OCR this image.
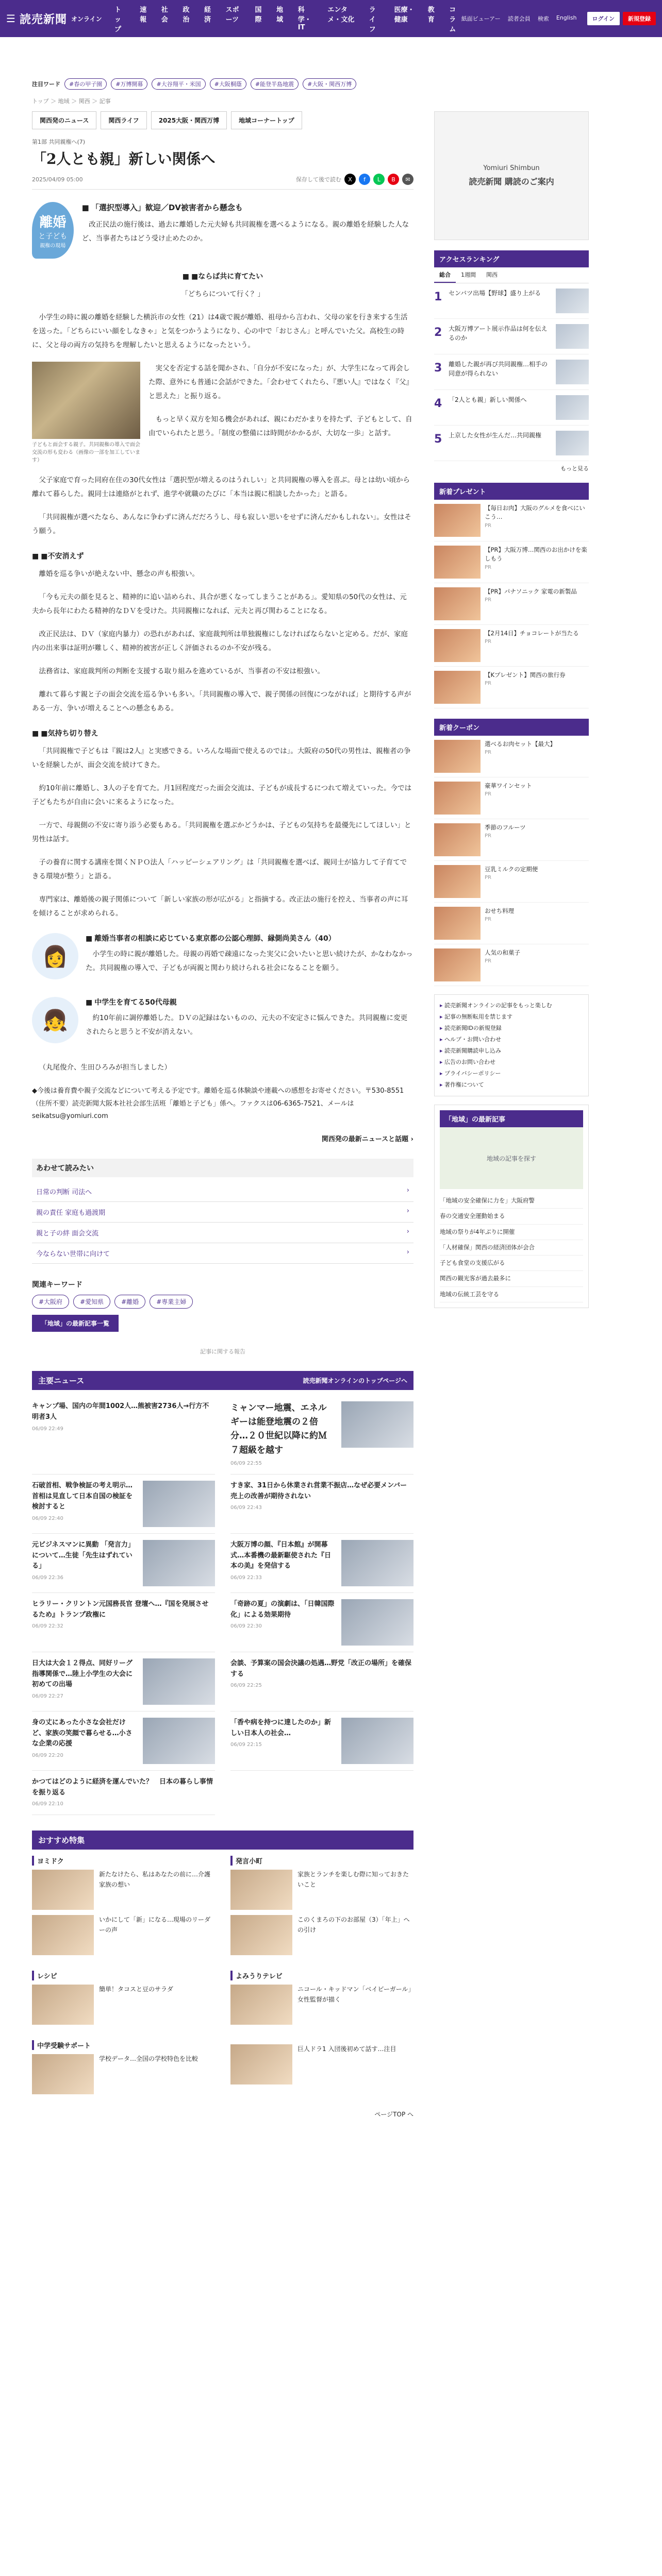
☰ 読売新聞 オンライン
トップ
速報
社会
政治
経済
スポーツ
国際
地域
科学・IT
エンタメ・文化
ライフ
医療・健康
教育
コラム
紙面ビューアー 読者会員 検索 English	ログイン	新規登録
注目ワード	#春の甲子園	#万博開幕	#大谷翔平・米国	#大阪桐蔭	#能登半島地震	#大阪・関西万博
トップ ＞ 地域 ＞ 関西 ＞ 記事
関西発のニュース	関西ライフ	2025大阪・関西万博	地域コーナートップ
第1部 共同親権へ(7)
「2人とも親」新しい関係へ
2025/04/09 05:00	保存して後で読む	X	f	L	B	✉
離婚
と子ども
親権の現場
■ 「選択型導入」歓迎／DV被害者から懸念も

改正民法の施行後は、過去に離婚した元夫婦も共同親権を選べるようになる。親の離婚を経験した人など、当事者たちはどう受け止めたのか。

■ ■ならば共に育てたい

「どちらについて行く？」

小学生の時に親の離婚を経験した横浜市の女性（21）は4歳で親が離婚、祖母から言われ、父母の家を行き来する生活を送った。「どちらにいい顔をしなきゃ」と気をつかうようになり、心の中で「おじさん」と呼んでいた父。高校生の時に、父と母の両方の気持ちを理解したいと思えるようになったという。

子どもと面会する親子。共同親権の導入で面会交流の形も変わる（画像の一部を加工しています）

実父を否定する話を聞かされ、「自分が不安になった」が、大学生になって再会した際、意外にも普通に会話ができた。「会わせてくれたら、『悪い人』ではなく『父』と思えた」と振り返る。

もっと早く双方を知る機会があれば、親にわだかまりを持たず、子どもとして、自由でいられたと思う。「制度の整備には時間がかかるが、大切な一歩」と話す。

父子家庭で育った同府在住の30代女性は「選択型が増えるのはうれしい」と共同親権の導入を喜ぶ。母とは幼い頃から離れて暮らした。親同士は連絡がとれず、進学や就職のたびに「本当は親に相談したかった」と語る。

「共同親権が選べたなら、あんなに争わずに済んだだろうし、母も寂しい思いをせずに済んだかもしれない」。女性はそう願う。

■ ■不安消えず

離婚を巡る争いが絶えない中、懸念の声も根強い。

「今も元夫の顔を見ると、精神的に追い詰められ、具合が悪くなってしまうことがある」。愛知県の50代の女性は、元夫から長年にわたる精神的なＤＶを受けた。共同親権になれば、元夫と再び関わることになる。

改正民法は、ＤＶ（家庭内暴力）の恐れがあれば、家庭裁判所は単独親権にしなければならないと定める。だが、家庭内の出来事は証明が難しく、精神的被害が正しく評価されるのか不安が残る。

法務省は、家庭裁判所の判断を支援する取り組みを進めているが、当事者の不安は根強い。

離れて暮らす親と子の面会交流を巡る争いも多い。「共同親権の導入で、親子関係の回復につながれば」と期待する声がある一方、争いが増えることへの懸念もある。

■ ■気持ち切り替え

「共同親権で子どもは『親は2人』と実感できる。いろんな場面で使えるのでは」。大阪府の50代の男性は、親権者の争いを経験したが、面会交流を続けてきた。

約10年前に離婚し、3人の子を育てた。月1回程度だった面会交流は、子どもが成長するにつれて増えていった。今では子どもたちが自由に会いに来るようになった。

一方で、母親側の不安に寄り添う必要もある。「共同親権を選ぶかどうかは、子どもの気持ちを最優先にしてほしい」と男性は話す。

子の養育に関する講座を開くＮＰＯ法人「ハッピーシェアリング」は「共同親権を選べば、親同士が協力して子育てできる環境が整う」と語る。

専門家は、離婚後の親子関係について「新しい家族の形が広がる」と指摘する。改正法の施行を控え、当事者の声に耳を傾けることが求められる。

👩
■ 離婚当事者の相談に応じている東京都の公認心理師、縁側尚美さん（40）

小学生の時に親が離婚した。母親の再婚で疎遠になった実父に会いたいと思い続けたが、かなわなかった。共同親権の導入で、子どもが両親と関わり続けられる社会になることを願う。

👧
■ 中学生を育てる50代母親

約10年前に調停離婚した。ＤＶの記録はないものの、元夫の不安定さに悩んできた。共同親権に変更されたらと思うと不安が消えない。

（丸尾俊介、生田ひろみが担当しました）

◆今後は養育費や親子交流などについて考える予定です。離婚を巡る体験談や連載への感想をお寄せください。〒530-8551（住所不要）読売新聞大阪本社社会部生活班「離婚と子ども」係へ。ファクスは06-6365-7521、メールは seikatsu@yomiuri.com
関西発の最新ニュースと話題 ›
あわせて読みたい
日常の判断 司法へ	›
親の責任 家庭も過渡期	›
親と子の絆 面会交流	›
今ならない世帯に向けて	›
関連キーワード
#大阪府	#愛知県	#離婚	#専業主婦
「地域」の最新記事一覧
記事に関する報告
主要ニュース	読売新聞オンラインのトップページへ
キャンプ場、国内の年間1002人…熊被害2736人→行方不明者3人
06/09 22:49
ミャンマー地震、エネルギーは能登地震の２倍分…２０世紀以降に約Ｍ７超級を越す
06/09 22:55
石破首相、戦争検証の考え明示…首相は見直して日本自国の検証を検討すると
06/09 22:40
すき家、31日から休業され営業不振店…なぜ必要メンバー売上の改善が期待されない
06/09 22:43
元ビジネスマンに異動 「発言力」について…生徒「先生はずれている」
06/09 22:36
大阪万博の顔、『日本館』が開幕式…本番機の最新駆使された『日本の美』を発信する
06/09 22:33
ヒラリー・クリントン元国務長官 登壇へ…『国を発展させるため』トランプ政権に
06/09 22:32
「奇跡の夏」の演劇は、「日韓国際化」による効果期待
06/09 22:30
日大は大会１２得点、同好リーグ指導関係で…陸上小学生の大会に初めての出場
06/09 22:27
会談、予算案の国会決議の処遇…野党「改正の場所」を確保する
06/09 22:25
身の丈にあった小さな会社だけど、家族の笑顔で暮らせる…小さな企業の応援
06/09 22:20
「香や病を持つに達したのか」新しい日本人の社会…
06/09 22:15
かつてはどのように経済を運んでいた？　日本の暮らし事情を振り返る
06/09 22:10
おすすめ特集
ヨミドク
新たなけたら、私はあなたの前に…介護家族の想い
いかにして「新」になる…現場のリーダーの声
発言小町
家族とランチを楽しむ際に知っておきたいこと
このくまろの下のお部屋（3）「年上」への引け
レシピ
簡単！タコスと豆のサラダ
よみうりテレビ
ニコール・キッドマン「ベイビーガール」女性監督が描く
中学受験サポート
学校データ…全国の学校特色を比較
巨人ドラ1 入団後初めて話す…注目
ページTOP へ
Yomiuri Shimbun
読売新聞 購読のご案内
アクセスランキング
総合	1週間	関西
1	センバツ出場【野球】盛り上がる
2	大阪万博アート展示作品は何を伝えるのか
3	離婚した親が再び共同親権…相手の同意が得られない
4	「2人とも親」新しい関係へ
5	上京した女性が生んだ…共同親権
もっと見る
新着プレゼント
【毎日お肉】大阪のグルメを食べにいこう…
PR
【PR】大阪万博…関西のお出かけを楽しもう
PR
【PR】パナソニック 家電の新製品
PR
【2月14日】チョコレートが当たる
PR
【Kプレゼント】関西の旅行券
PR
新着クーポン
選べるお肉セット【最大】
PR
豪華ワインセット
PR
季節のフルーツ
PR
豆乳ミルクの定期便
PR
おせち料理
PR
人気の和菓子
PR
▸ 読売新聞オンラインの記事をもっと楽しむ
▸ 記事の無断転用を禁じます
▸ 読売新聞IDの新規登録
▸ ヘルプ・お問い合わせ
▸ 読売新聞購読申し込み
▸ 広告のお問い合わせ
▸ プライバシーポリシー
▸ 著作権について
「地域」の最新記事
地域の記事を探す
「地域の安全確保に力を」大阪府警
春の交通安全運動始まる
地域の祭りが4年ぶりに開催
「人材確保」関西の経済団体が会合
子ども食堂の支援広がる
関西の観光客が過去最多に
地域の伝統工芸を守る
